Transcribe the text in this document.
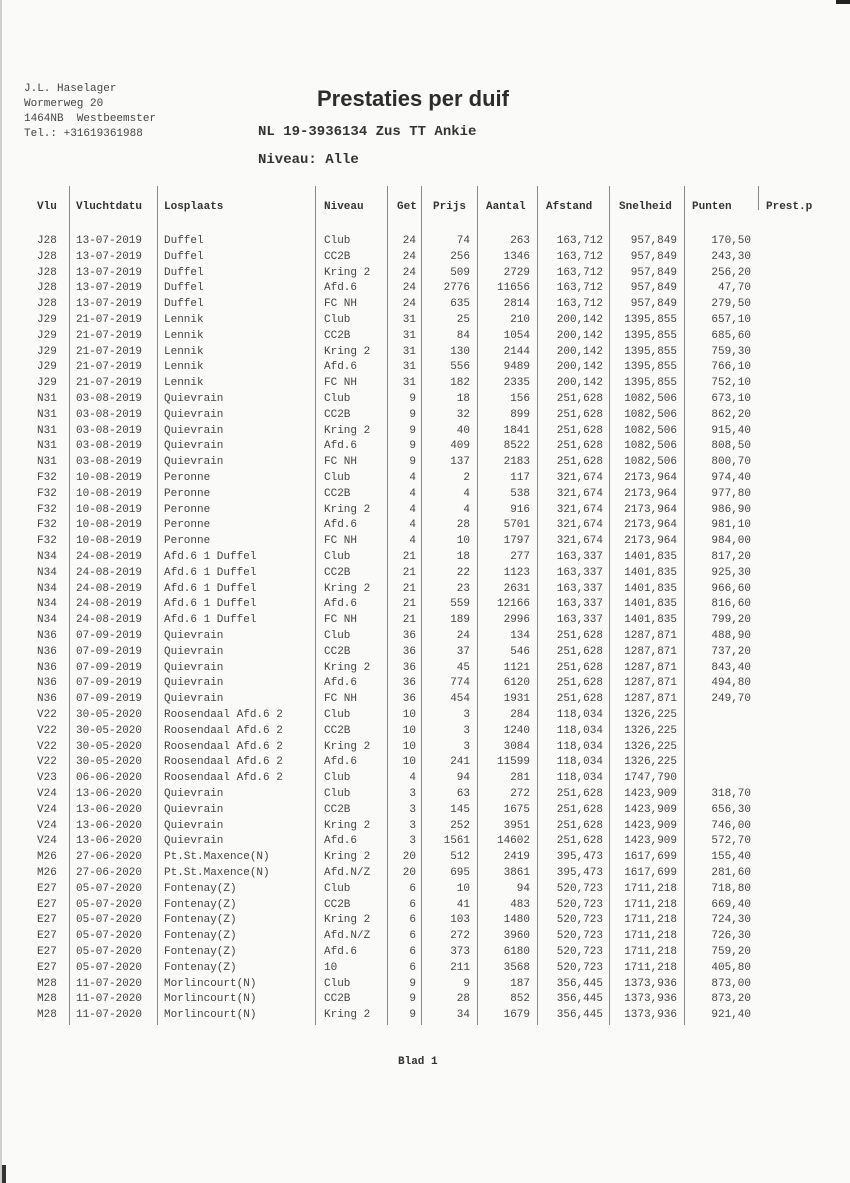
J.L. Haselager
Wormerweg 20
1464NB  Westbeemster
Tel.: +31619361988
Prestaties per duif
NL 19-3936134 Zus TT Ankie
Niveau: Alle
Vlu Vluchtdatu Losplaats	Niveau	Get Prijs Aantal Afstand Snelheid Punten	Prest.p
J28 13-07-2019 Duffel	Club	24	74	263 163,712	957,849	170,50
J28 13-07-2019 Duffel	CC2B	24	256	1346 163,712	957,849	243,30
J28 13-07-2019 Duffel	Kring 2	24	509	2729 163,712	957,849	256,20
J28 13-07-2019 Duffel	Afd.6	24	2776 11656 163,712	957,849	47,70
J28 13-07-2019 Duffel	FC NH	24	635	2814 163,712	957,849	279,50
J29 21-07-2019 Lennik	Club	31	25	210 200,142 1395,855	657,10
J29 21-07-2019 Lennik	CC2B	31	84	1054 200,142 1395,855	685,60
J29 21-07-2019 Lennik	Kring 2	31	130	2144 200,142 1395,855	759,30
J29 21-07-2019 Lennik	Afd.6	31	556	9489 200,142 1395,855	766,10
J29 21-07-2019 Lennik	FC NH	31	182	2335 200,142 1395,855	752,10
N31 03-08-2019 Quievrain	Club	9	18	156 251,628 1082,506	673,10
N31 03-08-2019 Quievrain	CC2B	9	32	899 251,628 1082,506	862,20
N31 03-08-2019 Quievrain	Kring 2	9	40	1841 251,628 1082,506	915,40
N31 03-08-2019 Quievrain	Afd.6	9	409	8522 251,628 1082,506	808,50
N31 03-08-2019 Quievrain	FC NH	9	137	2183 251,628 1082,506	800,70
F32 10-08-2019 Peronne	Club	4	2	117 321,674 2173,964	974,40
F32 10-08-2019 Peronne	CC2B	4	4	538 321,674 2173,964	977,80
F32 10-08-2019 Peronne	Kring 2	4	4	916 321,674 2173,964	986,90
F32 10-08-2019 Peronne	Afd.6	4	28	5701 321,674 2173,964	981,10
F32 10-08-2019 Peronne	FC NH	4	10	1797 321,674 2173,964	984,00
N34 24-08-2019 Afd.6 1 Duffel	Club	21	18	277 163,337 1401,835	817,20
N34 24-08-2019 Afd.6 1 Duffel	CC2B	21	22	1123 163,337 1401,835	925,30
N34 24-08-2019 Afd.6 1 Duffel	Kring 2	21	23	2631 163,337 1401,835	966,60
N34 24-08-2019 Afd.6 1 Duffel	Afd.6	21	559 12166 163,337 1401,835	816,60
N34 24-08-2019 Afd.6 1 Duffel	FC NH	21	189	2996 163,337 1401,835	799,20
N36 07-09-2019 Quievrain	Club	36	24	134 251,628 1287,871	488,90
N36 07-09-2019 Quievrain	CC2B	36	37	546 251,628 1287,871	737,20
N36 07-09-2019 Quievrain	Kring 2	36	45	1121 251,628 1287,871	843,40
N36 07-09-2019 Quievrain	Afd.6	36	774	6120 251,628 1287,871	494,80
N36 07-09-2019 Quievrain	FC NH	36	454	1931 251,628 1287,871	249,70
V22 30-05-2020 Roosendaal Afd.6 2	Club	10	3	284 118,034 1326,225
V22 30-05-2020 Roosendaal Afd.6 2	CC2B	10	3	1240 118,034 1326,225
V22 30-05-2020 Roosendaal Afd.6 2	Kring 2	10	3	3084 118,034 1326,225
V22 30-05-2020 Roosendaal Afd.6 2	Afd.6	10	241 11599 118,034 1326,225
V23 06-06-2020 Roosendaal Afd.6 2	Club	4	94	281 118,034 1747,790
V24 13-06-2020 Quievrain	Club	3	63	272 251,628 1423,909	318,70
V24 13-06-2020 Quievrain	CC2B	3	145	1675 251,628 1423,909	656,30
V24 13-06-2020 Quievrain	Kring 2	3	252	3951 251,628 1423,909	746,00
V24 13-06-2020 Quievrain	Afd.6	3	1561 14602 251,628 1423,909	572,70
M26 27-06-2020 Pt.St.Maxence(N)	Kring 2	20	512	2419 395,473 1617,699	155,40
M26 27-06-2020 Pt.St.Maxence(N)	Afd.N/Z	20	695	3861 395,473 1617,699	281,60
E27 05-07-2020 Fontenay(Z)	Club	6	10	94 520,723 1711,218	718,80
E27 05-07-2020 Fontenay(Z)	CC2B	6	41	483 520,723 1711,218	669,40
E27 05-07-2020 Fontenay(Z)	Kring 2	6	103	1480 520,723 1711,218	724,30
E27 05-07-2020 Fontenay(Z)	Afd.N/Z	6	272	3960 520,723 1711,218	726,30
E27 05-07-2020 Fontenay(Z)	Afd.6	6	373	6180 520,723 1711,218	759,20
E27 05-07-2020 Fontenay(Z)	10	6	211	3568 520,723 1711,218	405,80
M28 11-07-2020 Morlincourt(N)	Club	9	9	187 356,445 1373,936	873,00
M28 11-07-2020 Morlincourt(N)	CC2B	9	28	852 356,445 1373,936	873,20
M28 11-07-2020 Morlincourt(N)	Kring 2	9	34	1679 356,445 1373,936	921,40
Blad 1
